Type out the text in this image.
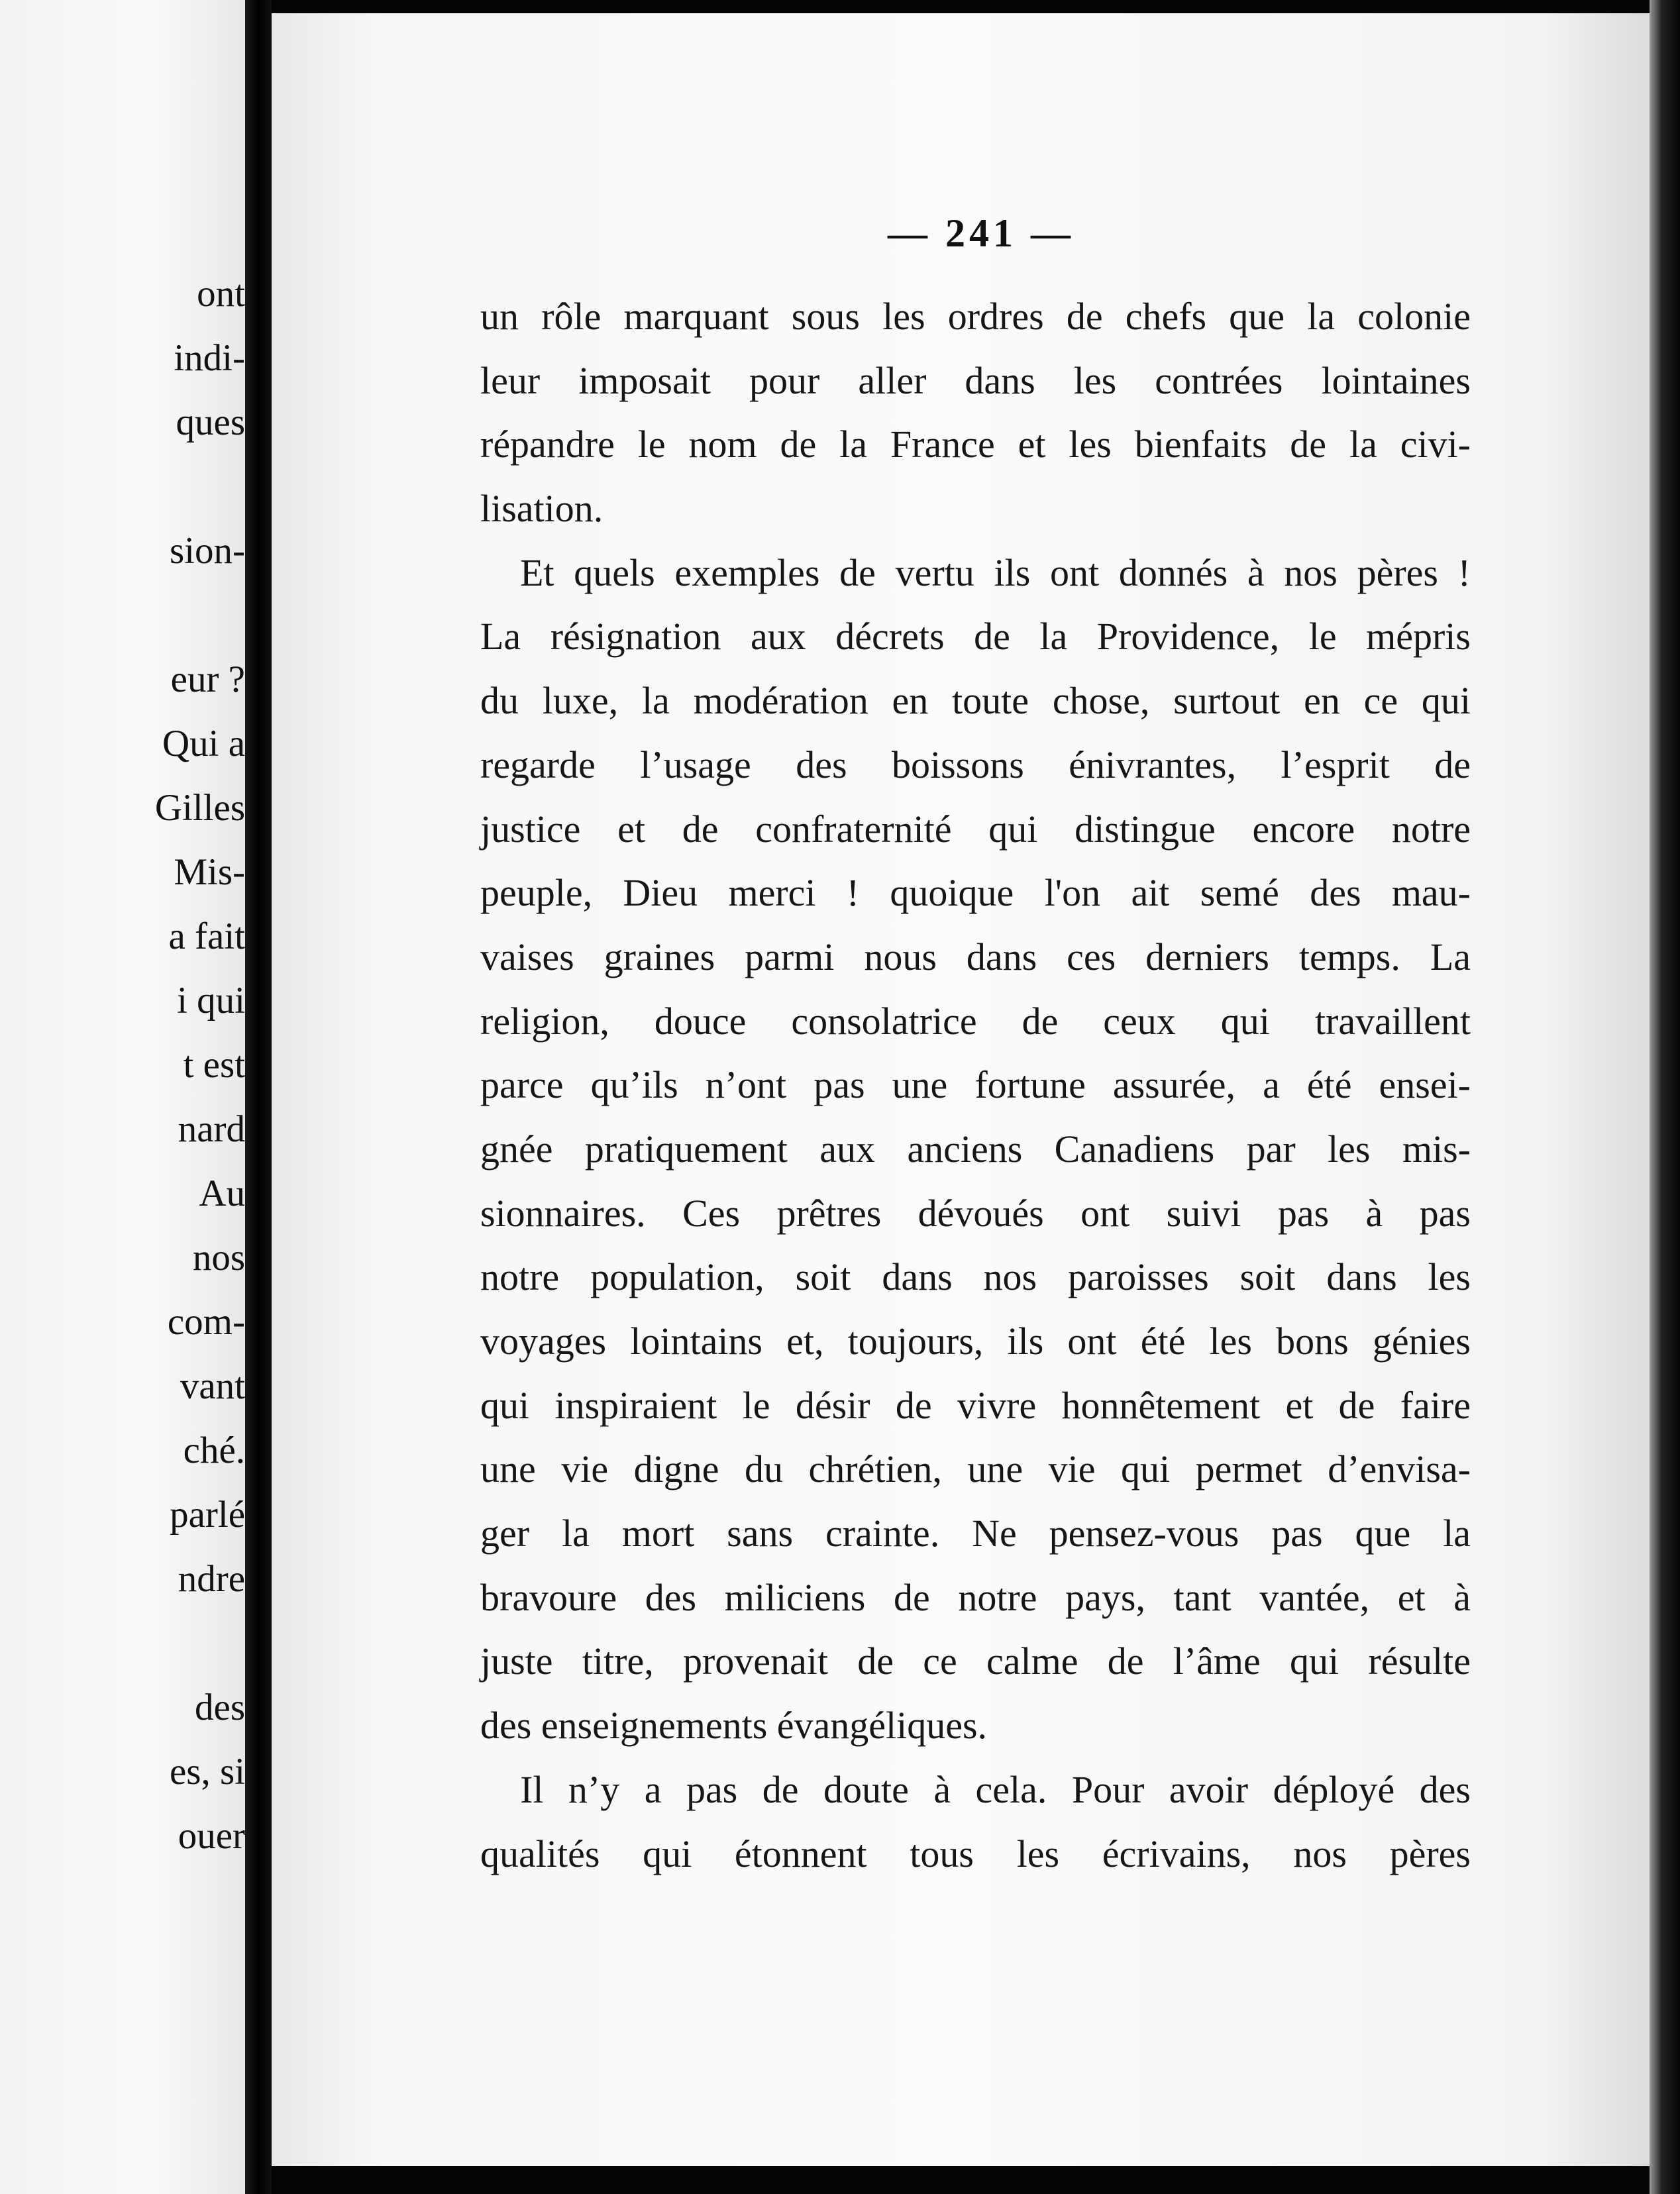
ont
indi-
ques
sion-
eur ?
Qui a
Gilles
Mis-
a fait
i qui
t est
nard
Au
nos
com-
vant
ché.
parlé
ndre
des
es, si
ouer
— 241 —
un rôle marquant sous les ordres de chefs que la colonie
leur imposait pour aller dans les contrées lointaines
répandre le nom de la France et les bienfaits de la civi-
lisation.
Et quels exemples de vertu ils ont donnés à nos pères !
La résignation aux décrets de la Providence, le mépris
du luxe, la modération en toute chose, surtout en ce qui
regarde l’usage des boissons énivrantes, l’esprit de
justice et de confraternité qui distingue encore notre
peuple, Dieu merci ! quoique l'on ait semé des mau-
vaises graines parmi nous dans ces derniers temps. La
religion, douce consolatrice de ceux qui travaillent
parce qu’ils n’ont pas une fortune assurée, a été ensei-
gnée pratiquement aux anciens Canadiens par les mis-
sionnaires. Ces prêtres dévoués ont suivi pas à pas
notre population, soit dans nos paroisses soit dans les
voyages lointains et, toujours, ils ont été les bons génies
qui inspiraient le désir de vivre honnêtement et de faire
une vie digne du chrétien, une vie qui permet d’envisa-
ger la mort sans crainte. Ne pensez-vous pas que la
bravoure des miliciens de notre pays, tant vantée, et à
juste titre, provenait de ce calme de l’âme qui résulte
des enseignements évangéliques.
Il n’y a pas de doute à cela. Pour avoir déployé des
qualités qui étonnent tous les écrivains, nos pères
